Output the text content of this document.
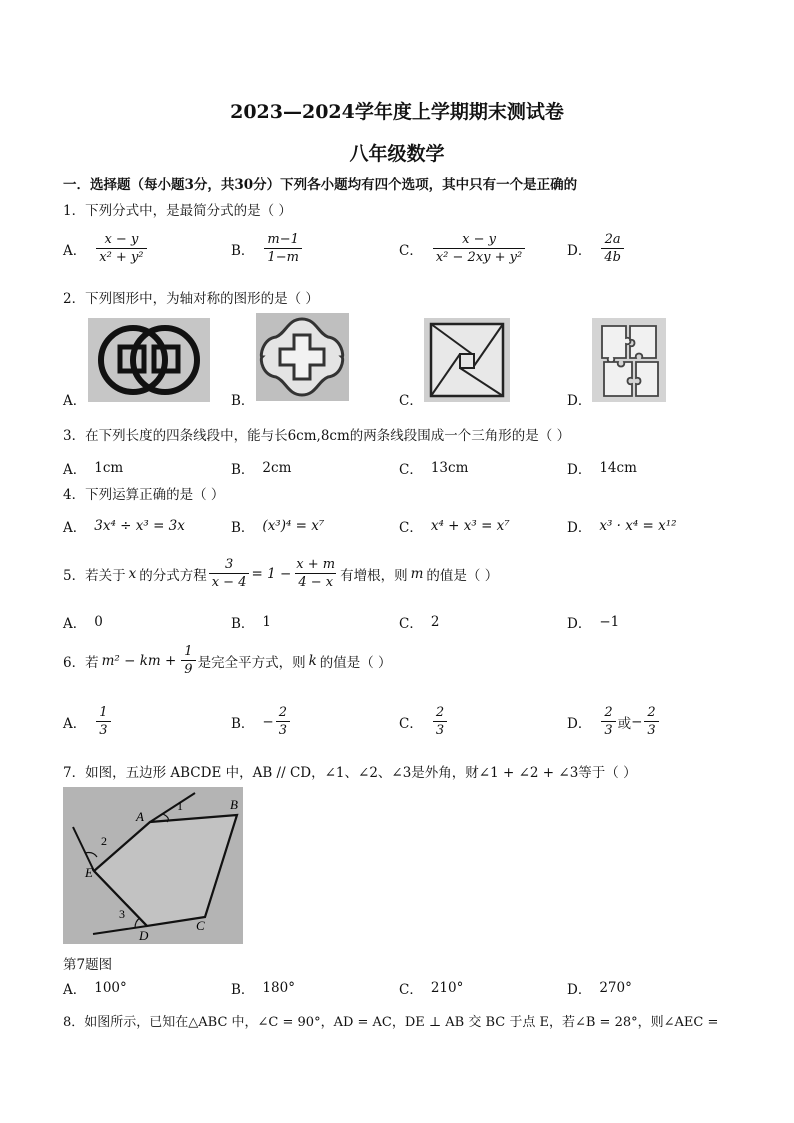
2023—2024学年度上学期期末测试卷
八年级数学
一．选择题（每小题3分，共30分）下列各小题均有四个选项，其中只有一个是正确的
1．下列分式中，是最简分式的是（ ）
A． $\frac{x - y}{\text{x² + y²}}$	B． $\frac{m-1}{1-m}$	C． $\frac{x - y}{\text{x² − 2xy + y²}}$	D． $\frac{2a}{4b}$
2．下列图形中，为轴对称的图形的是（ ）
A．	B．	C．	D．
3．在下列长度的四条线段中，能与长6cm,8cm的两条线段围成一个三角形的是（ ）
A． 1cm	B． 2cm	C． 13cm	D． 14cm
4．下列运算正确的是（ ）
A． 3x⁴ ÷ x³ = 3x	B． (x³)⁴ = x⁷	C． x⁴ + x³ = x⁷	D． x³ · x⁴ = x¹²
5．若关于 x 的分式方程 $\frac{3}{x - 4} = 1 - \frac{x + m}{4 - x}$ 有增根，则 m 的值是（ ）
A． 0	B． 1	C． 2	D． −1
6．若 m² − km + $\frac{1}{9}$ 是完全平方式，则 k 的值是（ ）
A． $\frac{1}{3}$	B． − $\frac{2}{3}$	C． $\frac{2}{3}$	D． $\frac{2}{3}$ 或 − $\frac{2}{3}$
7．如图，五边形 ABCDE 中，AB // CD，∠1、∠2、∠3是外角，财∠1 + ∠2 + ∠3等于（ ）
A
B
C
D
E
1
2
3
第7题图
A． 100°	B． 180°	C． 210°	D． 270°
8．如图所示，已知在△ABC 中，∠C = 90°，AD = AC，DE ⊥ AB 交 BC 于点 E，若∠B = 28°，则∠AEC =
